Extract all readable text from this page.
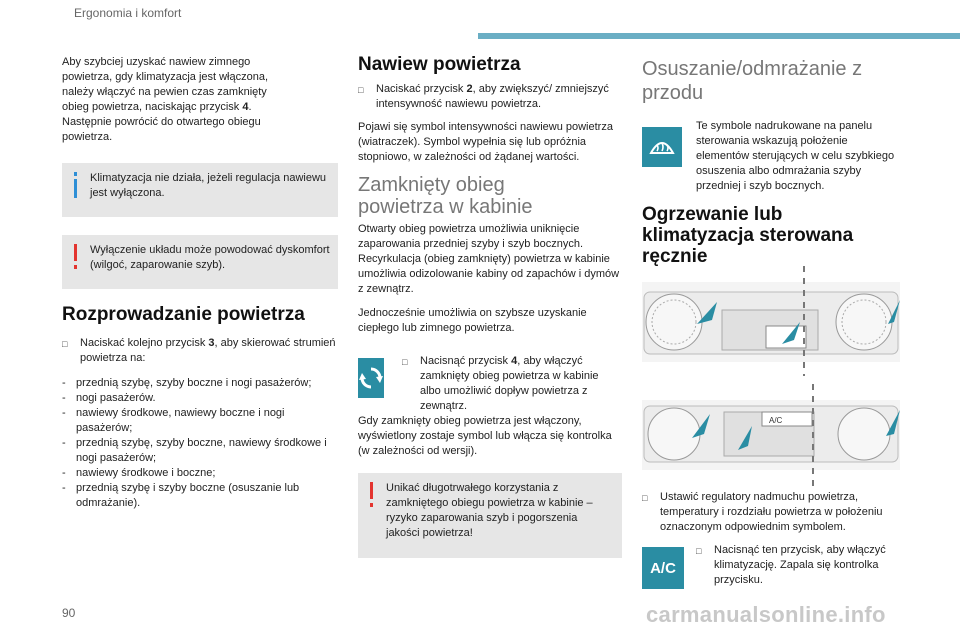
Ergonomia i komfort

Aby szybciej uzyskać nawiew zimnego
powietrza, gdy klimatyzacja jest włączona,
należy włączyć na pewien czas zamknięty
obieg powietrza, naciskając przycisk 4.
Następnie powrócić do otwartego obiegu
powietrza.

Klimatyzacja nie działa, jeżeli regulacja nawiewu jest wyłączona.
Wyłączenie układu może powodować dyskomfort (wilgoć, zaparowanie szyb).
Rozprowadzanie powietrza
□	Naciskać kolejno przycisk 3, aby skierować strumień powietrza na:
- przednią szybę, szyby boczne i nogi pasażerów;
- nogi pasażerów.
- nawiewy środkowe, nawiewy boczne i nogi pasażerów;
- przednią szybę, szyby boczne, nawiewy środkowe i nogi pasażerów;
- nawiewy środkowe i boczne;
- przednią szybę i szyby boczne (osuszanie lub odmrażanie).
Nawiew powietrza
□	Naciskać przycisk 2, aby zwiększyć/ zmniejszyć intensywność nawiewu powietrza.

Pojawi się symbol intensywności nawiewu powietrza (wiatraczek). Symbol wypełnia się lub opróżnia stopniowo, w zależności od żądanej wartości.

Zamknięty obieg powietrza w kabinie

Otwarty obieg powietrza umożliwia uniknięcie zaparowania przedniej szyby i szyb bocznych. Recyrkulacja (obieg zamknięty) powietrza w kabinie umożliwia odizolowanie kabiny od zapachów i dymów z zewnątrz.

Jednocześnie umożliwia on szybsze uzyskanie ciepłego lub zimnego powietrza.

□	Nacisnąć przycisk 4, aby włączyć zamknięty obieg powietrza w kabinie albo umożliwić dopływ powietrza z zewnątrz.

Gdy zamknięty obieg powietrza jest włączony, wyświetlony zostaje symbol lub włącza się kontrolka (w zależności od wersji).

Unikać długotrwałego korzystania z zamkniętego obiegu powietrza w kabinie – ryzyko zaparowania szyb i pogorszenia jakości powietrza!
Osuszanie/odmrażanie z przodu

Te symbole nadrukowane na panelu sterowania wskazują położenie elementów sterujących w celu szybkiego osuszenia albo odmrażania szyby przedniej i szyb bocznych.

Ogrzewanie lub klimatyzacja sterowana ręcznie
A/C
□	Ustawić regulatory nadmuchu powietrza, temperatury i rozdziału powietrza w położeniu oznaczonym odpowiednim symbolem.
A/C
□	Nacisnąć ten przycisk, aby włączyć klimatyzację. Zapala się kontrolka przycisku.
90	carmanualsonline.info
